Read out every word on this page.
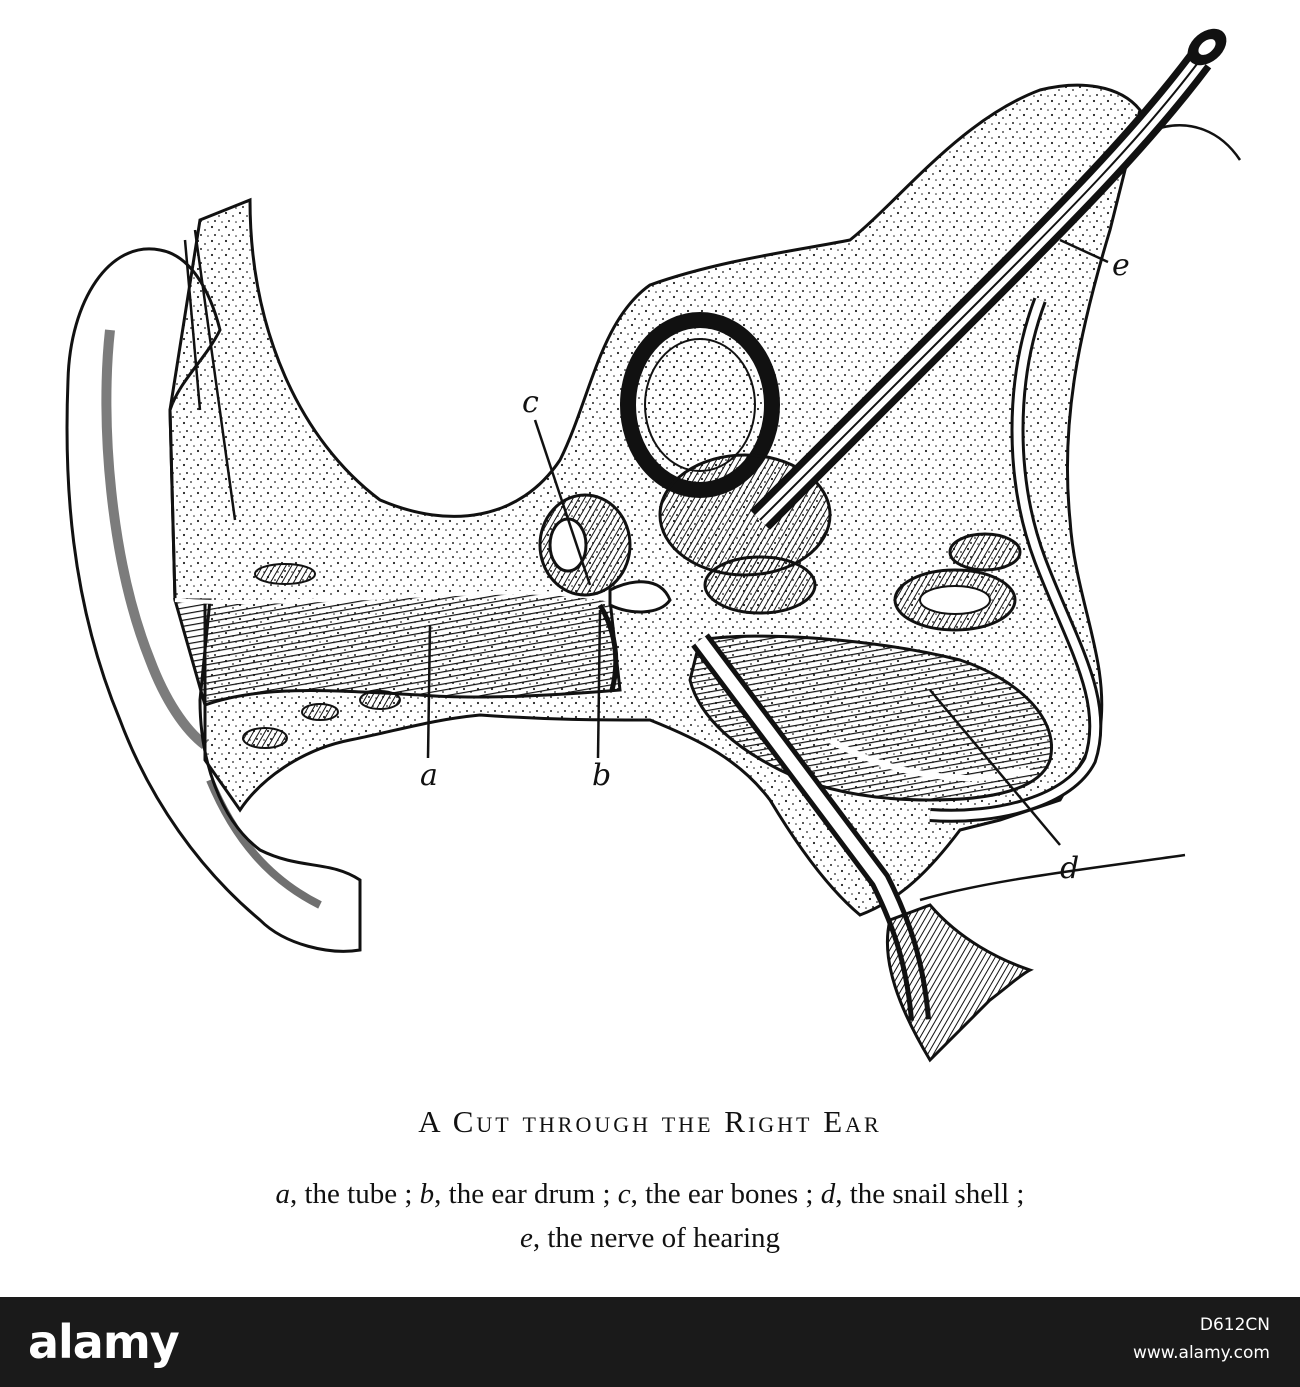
a	b
c
d
e
A Cut through the Right Ear
a, the tube ; b, the ear drum ; c, the ear bones ; d, the snail shell ;
e, the nerve of hearing
alamy	D612CN
www.alamy.com
